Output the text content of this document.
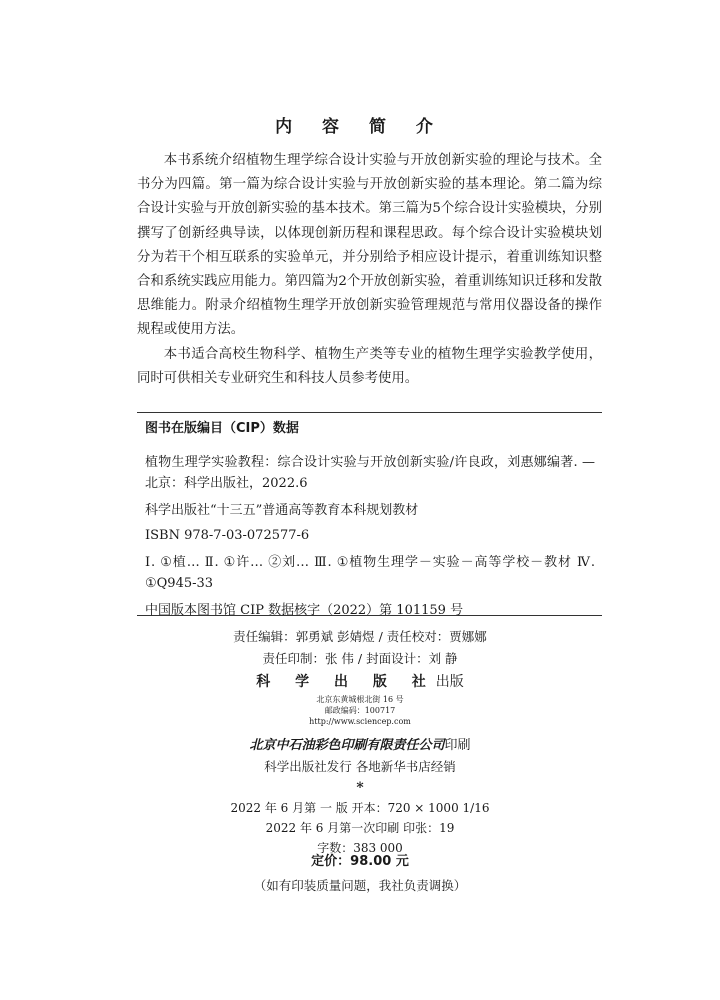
内 容 简 介

本书系统介绍植物生理学综合设计实验与开放创新实验的理论与技术。全书分为四篇。第一篇为综合设计实验与开放创新实验的基本理论。第二篇为综合设计实验与开放创新实验的基本技术。第三篇为5个综合设计实验模块，分别撰写了创新经典导读，以体现创新历程和课程思政。每个综合设计实验模块划分为若干个相互联系的实验单元，并分别给予相应设计提示，着重训练知识整合和系统实践应用能力。第四篇为2个开放创新实验，着重训练知识迁移和发散思维能力。附录介绍植物生理学开放创新实验管理规范与常用仪器设备的操作规程或使用方法。

本书适合高校生物科学、植物生产类等专业的植物生理学实验教学使用，同时可供相关专业研究生和科技人员参考使用。

图书在版编目（CIP）数据
植物生理学实验教程：综合设计实验与开放创新实验/许良政，刘惠娜编著. —北京：科学出版社，2022.6
科学出版社“十三五”普通高等教育本科规划教材
ISBN 978-7-03-072577-6
Ⅰ. ①植… Ⅱ. ①许… ②刘… Ⅲ. ①植物生理学－实验－高等学校－教材 Ⅳ. ①Q945-33
中国版本图书馆 CIP 数据核字（2022）第 101159 号
责任编辑：郭勇斌 彭婧煜 / 责任校对：贾娜娜
责任印制：张 伟 / 封面设计：刘 静
科 学 出 版 社出版
北京东黄城根北街 16 号
邮政编码：100717
http://www.sciencep.com
北京中石油彩色印刷有限责任公司印刷
科学出版社发行 各地新华书店经销
*
2022 年 6 月第 一 版 开本：720 × 1000 1/16
2022 年 6 月第一次印刷 印张：19
字数：383 000
定价：98.00 元
（如有印装质量问题，我社负责调换）
